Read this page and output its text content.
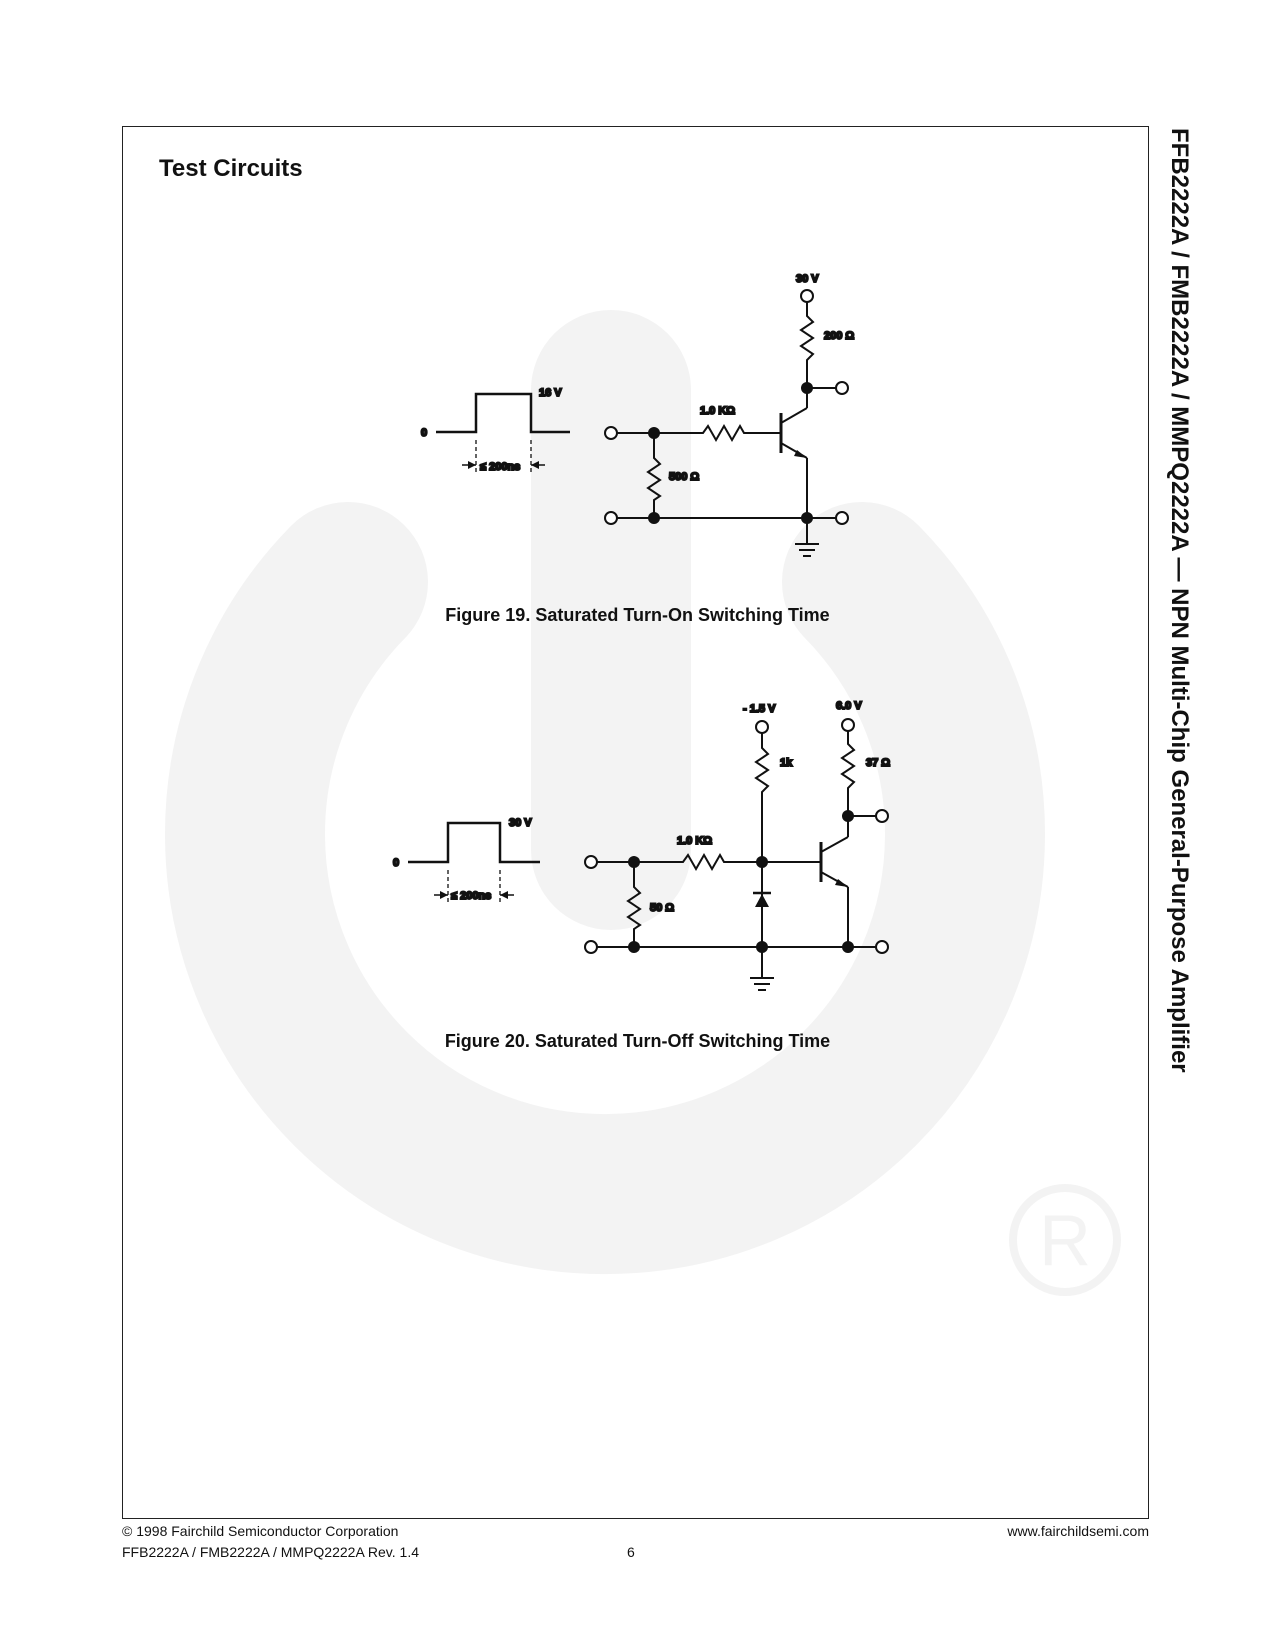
R
Test Circuits	FFB2222A / FMB2222A / MMPQ2222A — NPN Multi-Chip General-Purpose Amplifier
0
16 V
≤ 200ns
500 Ω
1.0 KΩ
200 Ω
30 V
Figure 19. Saturated Turn-On Switching Time
0
30 V
≤ 200ns
50 Ω
1.0 KΩ
1k
- 1.5 V
37 Ω
6.0 V
Figure 20. Saturated Turn-Off Switching Time
© 1998 Fairchild Semiconductor Corporation
FFB2222A / FMB2222A / MMPQ2222A Rev. 1.4	6
www.fairchildsemi.com
